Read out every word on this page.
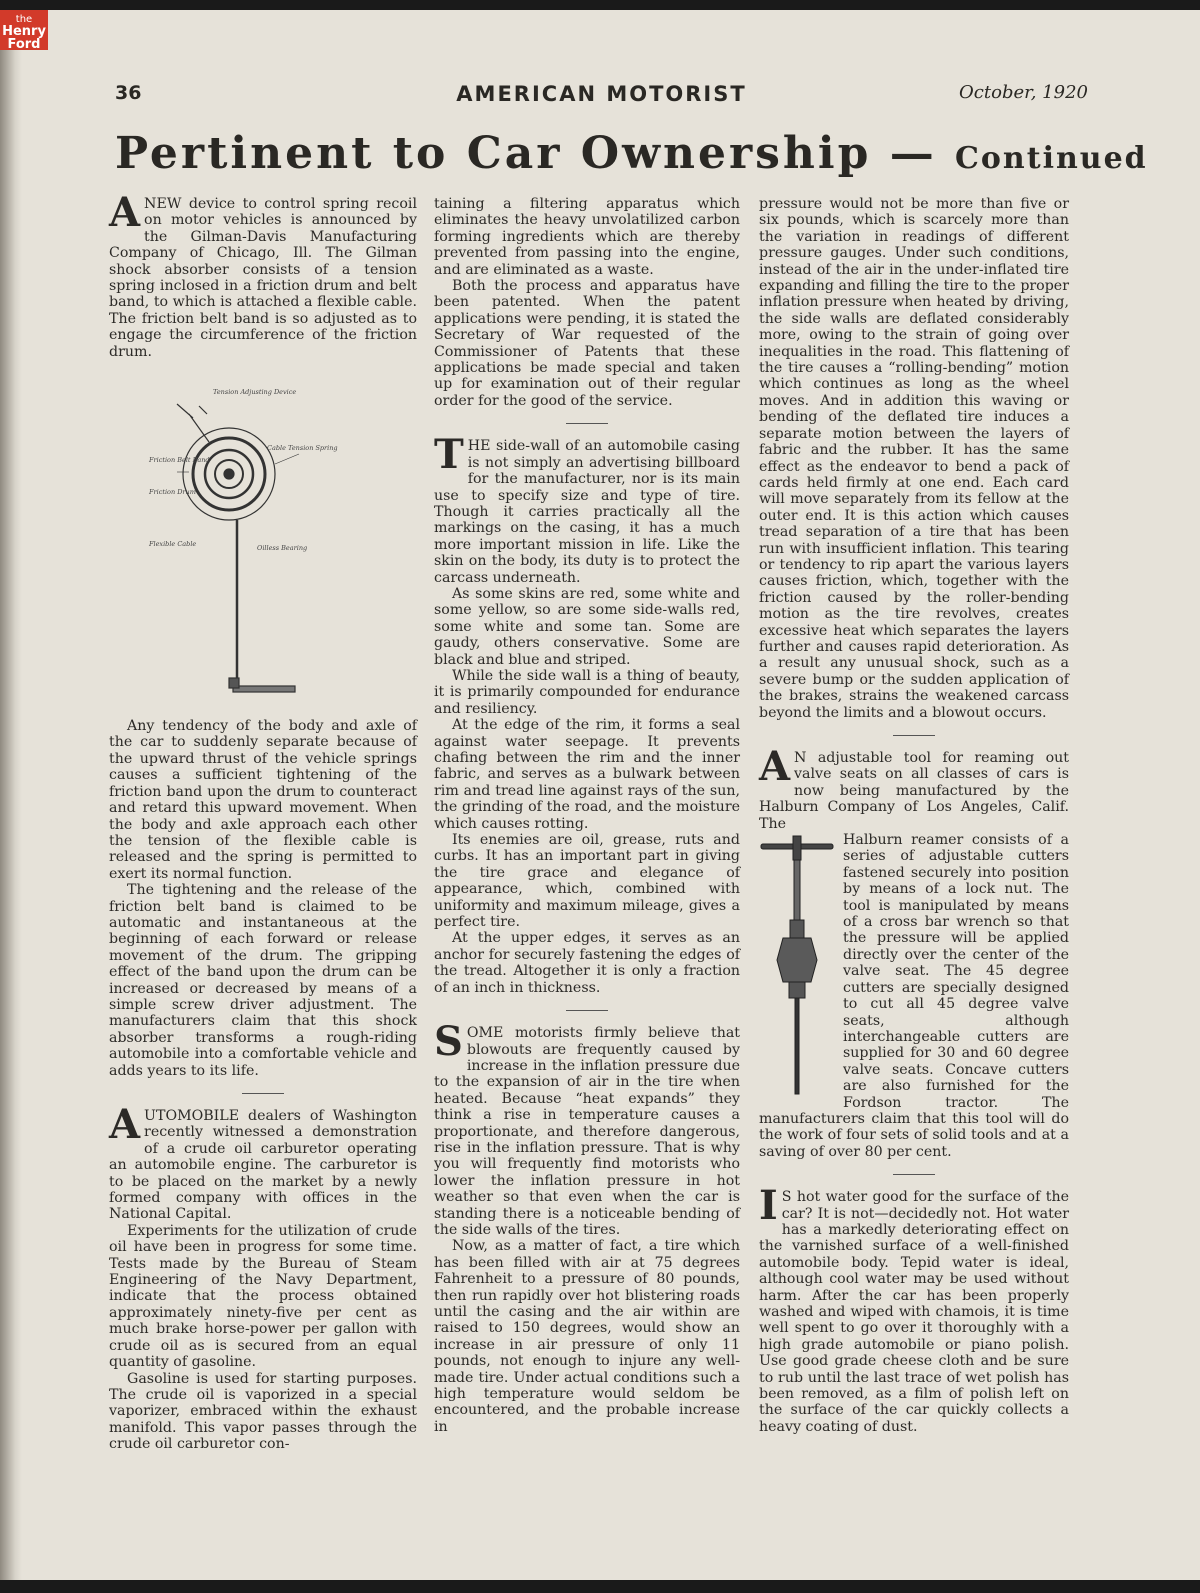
the
Henry Ford
36	AMERICAN MOTORIST	October, 1920
Pertinent to Car Ownership — Continued

ANEW device to control spring recoil on motor vehicles is announced by the Gilman-Davis Manufacturing Company of Chicago, Ill. The Gilman shock absorber consists of a tension spring inclosed in a friction drum and belt band, to which is attached a flexible cable. The friction belt band is so adjusted as to engage the circumference of the friction drum.

Tension Adjusting Device
Cable Tension Spring
Friction Belt Band
Friction Drum
Flexible Cable	Oilless Bearing

Any tendency of the body and axle of the car to suddenly separate because of the upward thrust of the vehicle springs causes a sufficient tightening of the friction band upon the drum to counteract and retard this upward movement. When the body and axle approach each other the tension of the flexible cable is released and the spring is permitted to exert its normal function.

The tightening and the release of the friction belt band is claimed to be automatic and instantaneous at the beginning of each forward or release movement of the drum. The gripping effect of the band upon the drum can be increased or decreased by means of a simple screw driver adjustment. The manufacturers claim that this shock absorber transforms a rough-riding automobile into a comfortable vehicle and adds years to its life.

AUTOMOBILE dealers of Washington recently witnessed a demonstration of a crude oil carburetor operating an automobile engine. The carburetor is to be placed on the market by a newly formed company with offices in the National Capital.

Experiments for the utilization of crude oil have been in progress for some time. Tests made by the Bureau of Steam Engineering of the Navy Department, indicate that the process obtained approximately ninety-five per cent as much brake horse-power per gallon with crude oil as is secured from an equal quantity of gasoline.

Gasoline is used for starting purposes. The crude oil is vaporized in a special vaporizer, embraced within the exhaust manifold. This vapor passes through the crude oil carburetor con-

taining a filtering apparatus which eliminates the heavy unvolatilized carbon forming ingredients which are thereby prevented from passing into the engine, and are eliminated as a waste.

Both the process and apparatus have been patented. When the patent applications were pending, it is stated the Secretary of War requested of the Commissioner of Patents that these applications be made special and taken up for examination out of their regular order for the good of the service.

THE side-wall of an automobile casing is not simply an advertising billboard for the manufacturer, nor is its main use to specify size and type of tire. Though it carries practically all the markings on the casing, it has a much more important mission in life. Like the skin on the body, its duty is to protect the carcass underneath.

As some skins are red, some white and some yellow, so are some side-walls red, some white and some tan. Some are gaudy, others conservative. Some are black and blue and striped.

While the side wall is a thing of beauty, it is primarily compounded for endurance and resiliency.

At the edge of the rim, it forms a seal against water seepage. It prevents chafing between the rim and the inner fabric, and serves as a bulwark between rim and tread line against rays of the sun, the grinding of the road, and the moisture which causes rotting.

Its enemies are oil, grease, ruts and curbs. It has an important part in giving the tire grace and elegance of appearance, which, combined with uniformity and maximum mileage, gives a perfect tire.

At the upper edges, it serves as an anchor for securely fastening the edges of the tread. Altogether it is only a fraction of an inch in thickness.

SOME motorists firmly believe that blowouts are frequently caused by increase in the inflation pressure due to the expansion of air in the tire when heated. Because “heat expands” they think a rise in temperature causes a proportionate, and therefore dangerous, rise in the inflation pressure. That is why you will frequently find motorists who lower the inflation pressure in hot weather so that even when the car is standing there is a noticeable bending of the side walls of the tires.

Now, as a matter of fact, a tire which has been filled with air at 75 degrees Fahrenheit to a pressure of 80 pounds, then run rapidly over hot blistering roads until the casing and the air within are raised to 150 degrees, would show an increase in air pressure of only 11 pounds, not enough to injure any well-made tire. Under actual conditions such a high temperature would seldom be encountered, and the probable increase in

pressure would not be more than five or six pounds, which is scarcely more than the variation in readings of different pressure gauges. Under such conditions, instead of the air in the under-inflated tire expanding and filling the tire to the proper inflation pressure when heated by driving, the side walls are deflated considerably more, owing to the strain of going over inequalities in the road. This flattening of the tire causes a “rolling-bending” motion which continues as long as the wheel moves. And in addition this waving or bending of the deflated tire induces a separate motion between the layers of fabric and the rubber. It has the same effect as the endeavor to bend a pack of cards held firmly at one end. Each card will move separately from its fellow at the outer end. It is this action which causes tread separation of a tire that has been run with insufficient inflation. This tearing or tendency to rip apart the various layers causes friction, which, together with the friction caused by the roller-bending motion as the tire revolves, creates excessive heat which separates the layers further and causes rapid deterioration. As a result any unusual shock, such as a severe bump or the sudden application of the brakes, strains the weakened carcass beyond the limits and a blowout occurs.

A N adjustable tool for reaming out valve seats on all classes of cars is now being manufactured by the Halburn Company of Los Angeles, Calif. The

Halburn reamer consists of a series of adjustable cutters fastened securely into position by means of a lock nut. The tool is manipulated by means of a cross bar wrench so that the pressure will be applied directly over the center of the valve seat. The 45 degree cutters are specially designed to cut all 45 degree valve seats, although interchangeable cutters are supplied for 30 and 60 degree valve seats. Concave cutters are also furnished for the Fordson tractor. The manufacturers claim that this tool will do the work of four sets of solid tools and at a saving of over 80 per cent.

I S hot water good for the surface of the car? It is not—decidedly not. Hot water has a markedly deteriorating effect on the varnished surface of a well-finished automobile body. Tepid water is ideal, although cool water may be used without harm. After the car has been properly washed and wiped with chamois, it is time well spent to go over it thoroughly with a high grade automobile or piano polish. Use good grade cheese cloth and be sure to rub until the last trace of wet polish has been removed, as a film of polish left on the surface of the car quickly collects a heavy coating of dust.
